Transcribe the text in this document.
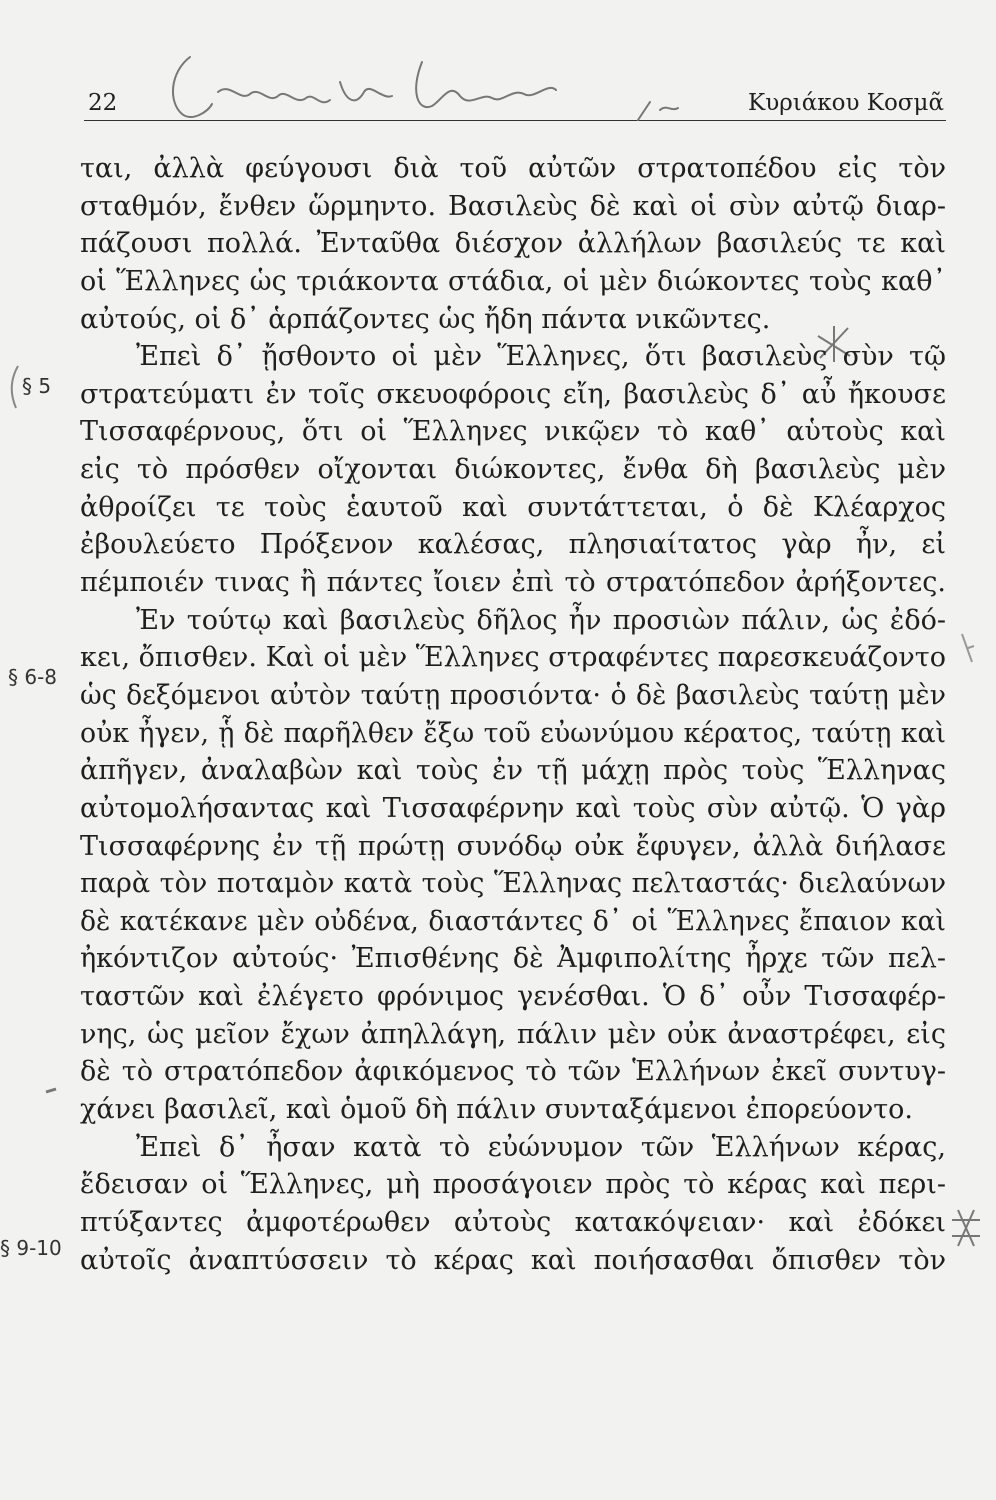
22	Κυριάκου Κοσμᾶ
§ 5
§ 6-8
§ 9-10
ται, ἀλλὰ φεύγουσι διὰ τοῦ αὐτῶν στρατοπέδου εἰς τὸν
σταθμόν, ἔνθεν ὥρμηντο. Βασιλεὺς δὲ καὶ οἱ σὺν αὐτῷ διαρ-
πάζουσι πολλά. Ἐνταῦθα διέσχον ἀλλήλων βασιλεύς τε καὶ
οἱ Ἕλληνες ὡς τριάκοντα στάδια, οἱ μὲν διώκοντες τοὺς καθ᾽
αὐτούς, οἱ δ᾽ ἁρπάζοντες ὡς ἤδη πάντα νικῶντες.
Ἐπεὶ δ᾽ ᾔσθοντο οἱ μὲν Ἕλληνες, ὅτι βασιλεὺς σὺν τῷ
στρατεύματι ἐν τοῖς σκευοφόροις εἴη, βασιλεὺς δ᾽ αὖ ἤκουσε
Τισσαφέρνους, ὅτι οἱ Ἕλληνες νικῷεν τὸ καθ᾽ αὑτοὺς καὶ
εἰς τὸ πρόσθεν οἴχονται διώκοντες, ἔνθα δὴ βασιλεὺς μὲν
ἀθροίζει τε τοὺς ἑαυτοῦ καὶ συντάττεται, ὁ δὲ Κλέαρχος
ἐβουλεύετο Πρόξενον καλέσας, πλησιαίτατος γὰρ ἦν, εἰ
πέμποιέν τινας ἢ πάντες ἴοιεν ἐπὶ τὸ στρατόπεδον ἀρήξοντες.
Ἐν τούτῳ καὶ βασιλεὺς δῆλος ἦν προσιὼν πάλιν, ὡς ἐδό-
κει, ὄπισθεν. Καὶ οἱ μὲν Ἕλληνες στραφέντες παρεσκευάζοντο
ὡς δεξόμενοι αὐτὸν ταύτῃ προσιόντα· ὁ δὲ βασιλεὺς ταύτῃ μὲν
οὐκ ἦγεν, ᾗ δὲ παρῆλθεν ἔξω τοῦ εὐωνύμου κέρατος, ταύτῃ καὶ
ἀπῆγεν, ἀναλαβὼν καὶ τοὺς ἐν τῇ μάχῃ πρὸς τοὺς Ἕλληνας
αὐτομολήσαντας καὶ Τισσαφέρνην καὶ τοὺς σὺν αὐτῷ. Ὁ γὰρ
Τισσαφέρνης ἐν τῇ πρώτῃ συνόδῳ οὐκ ἔφυγεν, ἀλλὰ διήλασε
παρὰ τὸν ποταμὸν κατὰ τοὺς Ἕλληνας πελταστάς· διελαύνων
δὲ κατέκανε μὲν οὐδένα, διαστάντες δ᾽ οἱ Ἕλληνες ἔπαιον καὶ
ἠκόντιζον αὐτούς· Ἐπισθένης δὲ Ἀμφιπολίτης ἦρχε τῶν πελ-
ταστῶν καὶ ἐλέγετο φρόνιμος γενέσθαι. Ὁ δ᾽ οὖν Τισσαφέρ-
νης, ὡς μεῖον ἔχων ἀπηλλάγη, πάλιν μὲν οὐκ ἀναστρέφει, εἰς
δὲ τὸ στρατόπεδον ἀφικόμενος τὸ τῶν Ἑλλήνων ἐκεῖ συντυγ-
χάνει βασιλεῖ, καὶ ὁμοῦ δὴ πάλιν συνταξάμενοι ἐπορεύοντο.
Ἐπεὶ δ᾽ ἦσαν κατὰ τὸ εὐώνυμον τῶν Ἑλλήνων κέρας,
ἔδεισαν οἱ Ἕλληνες, μὴ προσάγοιεν πρὸς τὸ κέρας καὶ περι-
πτύξαντες ἀμφοτέρωθεν αὐτοὺς κατακόψειαν· καὶ ἐδόκει
αὐτοῖς ἀναπτύσσειν τὸ κέρας καὶ ποιήσασθαι ὄπισθεν τὸν
